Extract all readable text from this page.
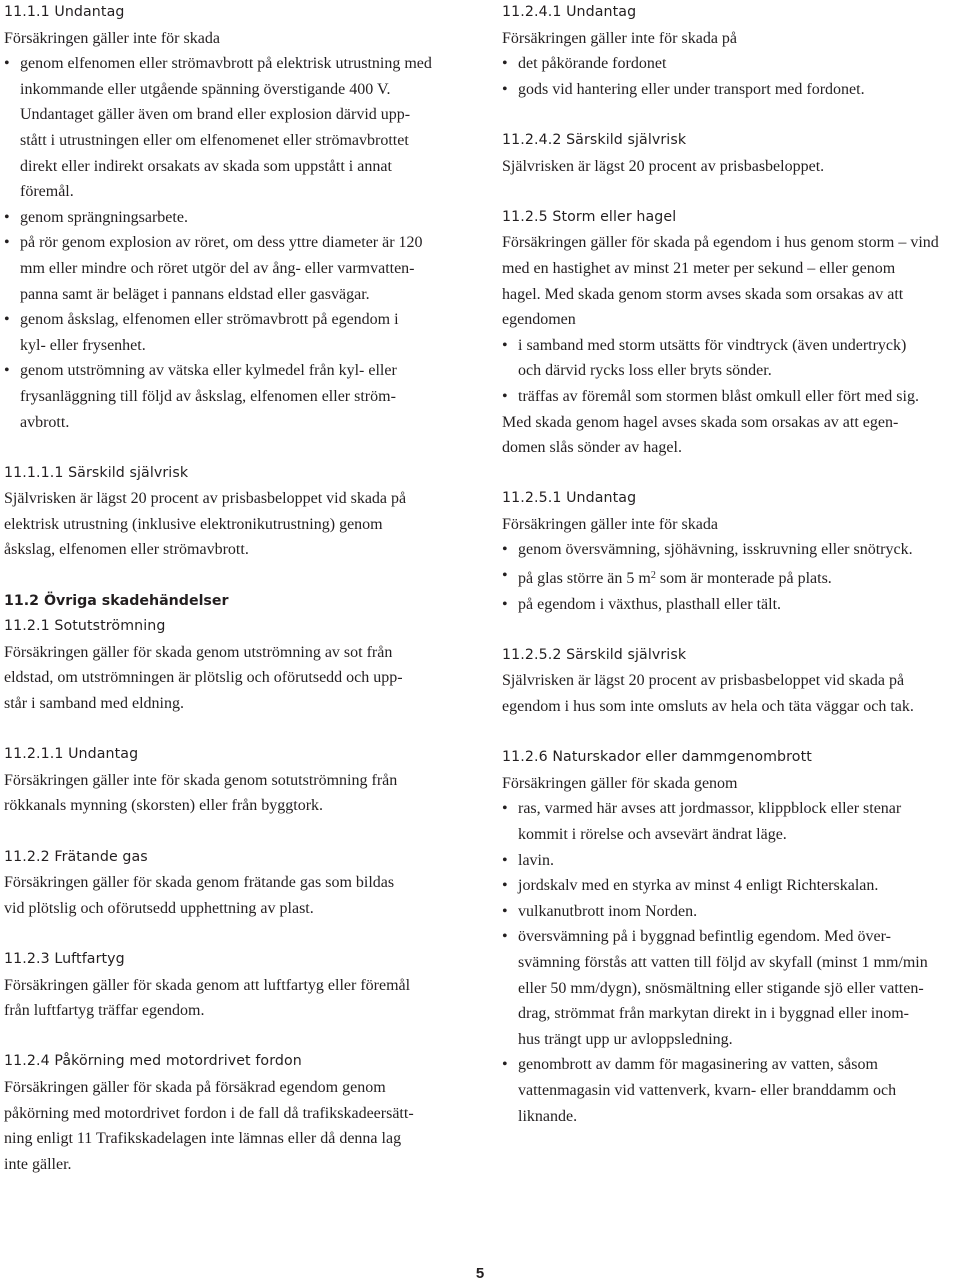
11.1.1 Undantag
Försäkringen gäller inte för skada
• genom elfenomen eller strömavbrott på elektrisk utrustning med
inkommande eller utgående spänning överstigande 400 V.
Undantaget gäller även om brand eller explosion därvid upp-
stått i utrustningen eller om elfenomenet eller strömavbrottet
direkt eller indirekt orsakats av skada som uppstått i annat
föremål.
• genom sprängningsarbete.
• på rör genom explosion av röret, om dess yttre diameter är 120
mm eller mindre och röret utgör del av ång- eller varmvatten-
panna samt är beläget i pannans eldstad eller gasvägar.
• genom åskslag, elfenomen eller strömavbrott på egendom i
kyl- eller frysenhet.
• genom utströmning av vätska eller kylmedel från kyl- eller
frysanläggning till följd av åskslag, elfenomen eller ström-
avbrott.
11.1.1.1 Särskild självrisk
Självrisken är lägst 20 procent av prisbasbeloppet vid skada på
elektrisk utrustning (inklusive elektronikutrustning) genom
åskslag, elfenomen eller strömavbrott.
11.2 Övriga skadehändelser
11.2.1 Sotutströmning
Försäkringen gäller för skada genom utströmning av sot från
eldstad, om utströmningen är plötslig och oförutsedd och upp-
står i samband med eldning.
11.2.1.1 Undantag
Försäkringen gäller inte för skada genom sotutströmning från
rökkanals mynning (skorsten) eller från byggtork.
11.2.2 Frätande gas
Försäkringen gäller för skada genom frätande gas som bildas
vid plötslig och oförutsedd upphettning av plast.
11.2.3 Luftfartyg
Försäkringen gäller för skada genom att luftfartyg eller föremål
från luftfartyg träffar egendom.
11.2.4 Påkörning med motordrivet fordon
Försäkringen gäller för skada på försäkrad egendom genom
påkörning med motordrivet fordon i de fall då trafikskadeersätt-
ning enligt 11 Trafikskadelagen inte lämnas eller då denna lag
inte gäller.
11.2.4.1 Undantag
Försäkringen gäller inte för skada på
• det påkörande fordonet
• gods vid hantering eller under transport med fordonet.
11.2.4.2 Särskild självrisk
Självrisken är lägst 20 procent av prisbasbeloppet.
11.2.5 Storm eller hagel
Försäkringen gäller för skada på egendom i hus genom storm – vind
med en hastighet av minst 21 meter per sekund – eller genom
hagel. Med skada genom storm avses skada som orsakas av att
egendomen
• i samband med storm utsätts för vindtryck (även undertryck)
och därvid rycks loss eller bryts sönder.
• träffas av föremål som stormen blåst omkull eller fört med sig.
Med skada genom hagel avses skada som orsakas av att egen-
domen slås sönder av hagel.
11.2.5.1 Undantag
Försäkringen gäller inte för skada
• genom översvämning, sjöhävning, isskruvning eller snötryck.
• på glas större än 5 $m^2$ som är monterade på plats.
• på egendom i växthus, plasthall eller tält.
11.2.5.2 Särskild självrisk
Självrisken är lägst 20 procent av prisbasbeloppet vid skada på
egendom i hus som inte omsluts av hela och täta väggar och tak.
11.2.6 Naturskador eller dammgenombrott
Försäkringen gäller för skada genom
• ras, varmed här avses att jordmassor, klippblock eller stenar
kommit i rörelse och avsevärt ändrat läge.
• lavin.
• jordskalv med en styrka av minst 4 enligt Richterskalan.
• vulkanutbrott inom Norden.
• översvämning på i byggnad befintlig egendom. Med över-
svämning förstås att vatten till följd av skyfall (minst 1 mm/min
eller 50 mm/dygn), snösmältning eller stigande sjö eller vatten-
drag, strömmat från markytan direkt in i byggnad eller inom-
hus trängt upp ur avloppsledning.
• genombrott av damm för magasinering av vatten, såsom
vattenmagasin vid vattenverk, kvarn- eller branddamm och
liknande.
5
